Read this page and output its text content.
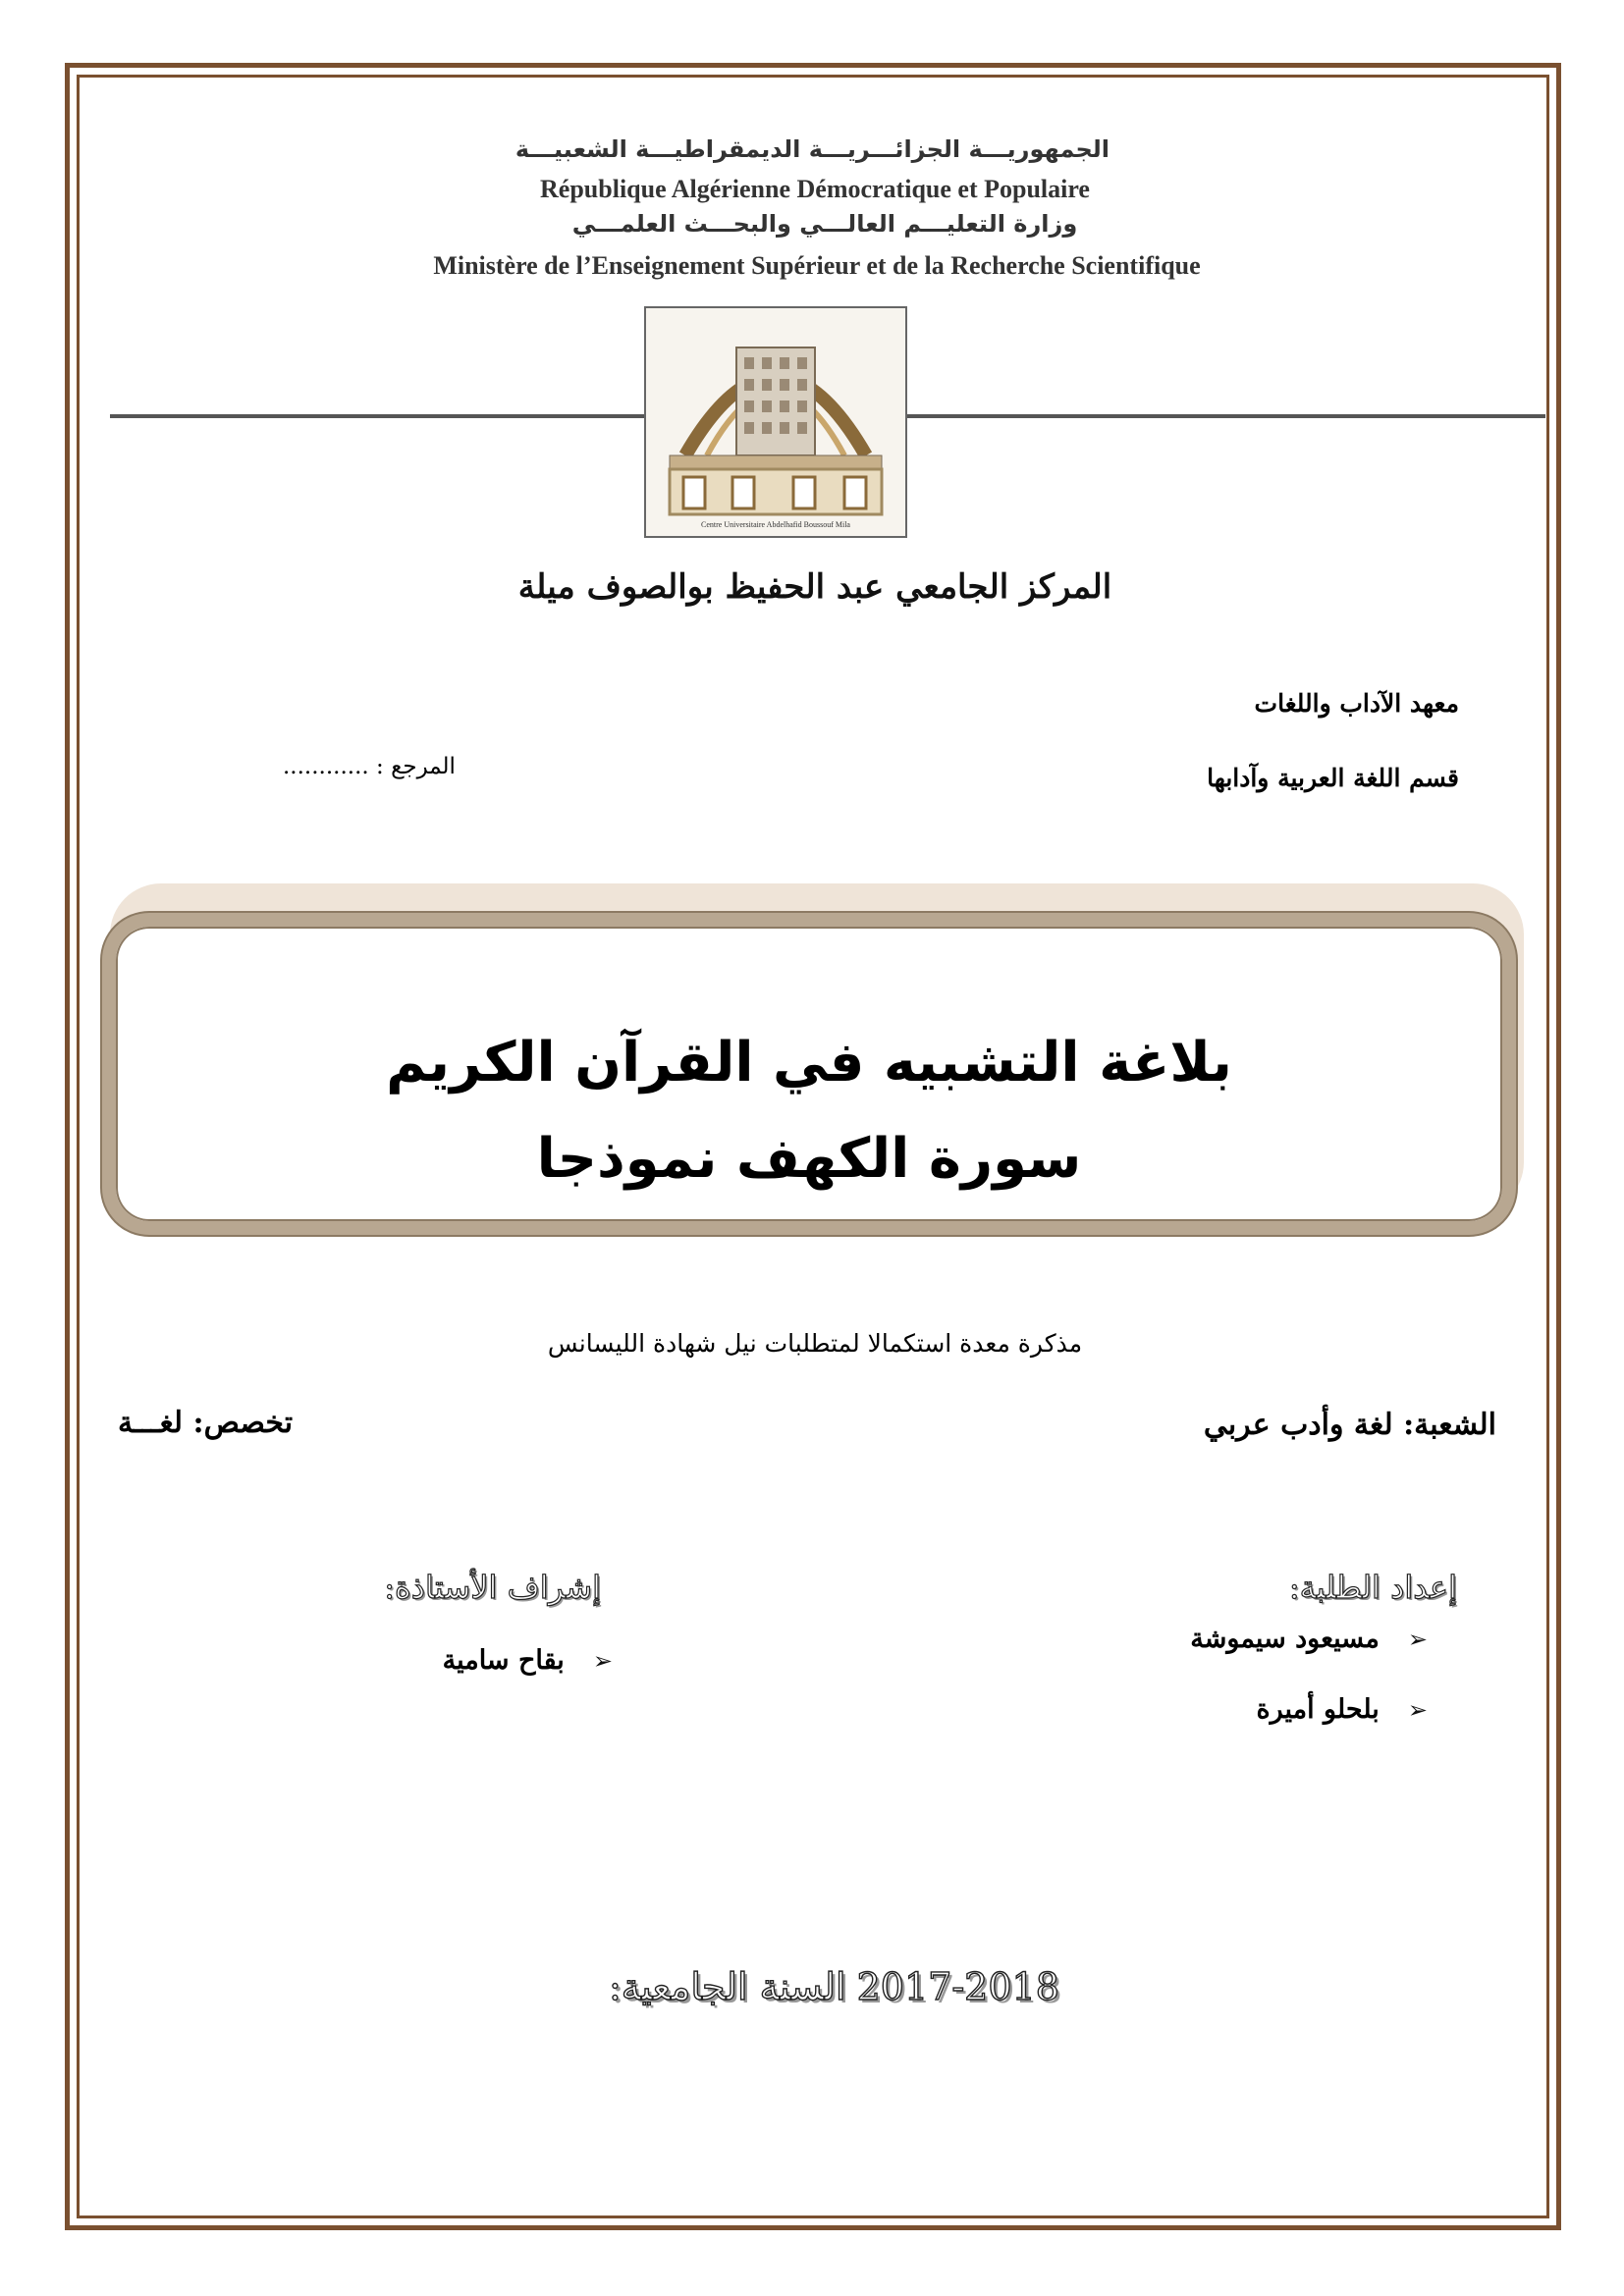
الجمهوريـــة الجزائـــريـــة الديمقراطيـــة الشعبيـــة
République Algérienne Démocratique et Populaire
وزارة التعليـــم العالـــي والبحـــث العلمـــي
Ministère de l’Enseignement Supérieur et de la Recherche Scientifique
Centre Universitaire Abdelhafid Boussouf Mila
المركز الجامعي عبد الحفيظ بوالصوف ميلة
معهد الآداب واللغات
قسم اللغة العربية وآدابها
المرجع : ............
بلاغة التشبيه في القرآن الكريم
سورة الكهف نموذجا
مذكرة معدة استكمالا لمتطلبات نيل شهادة الليسانس
الشعبة: لغة وأدب عربي
تخصص: لغـــة
إعداد الطلبة:
➢ مسيعود سيموشة
➢ بلحلو أميرة
إشراف الأستاذة:
➢ بقاح سامية
السنة الجامعية: 2017-2018
